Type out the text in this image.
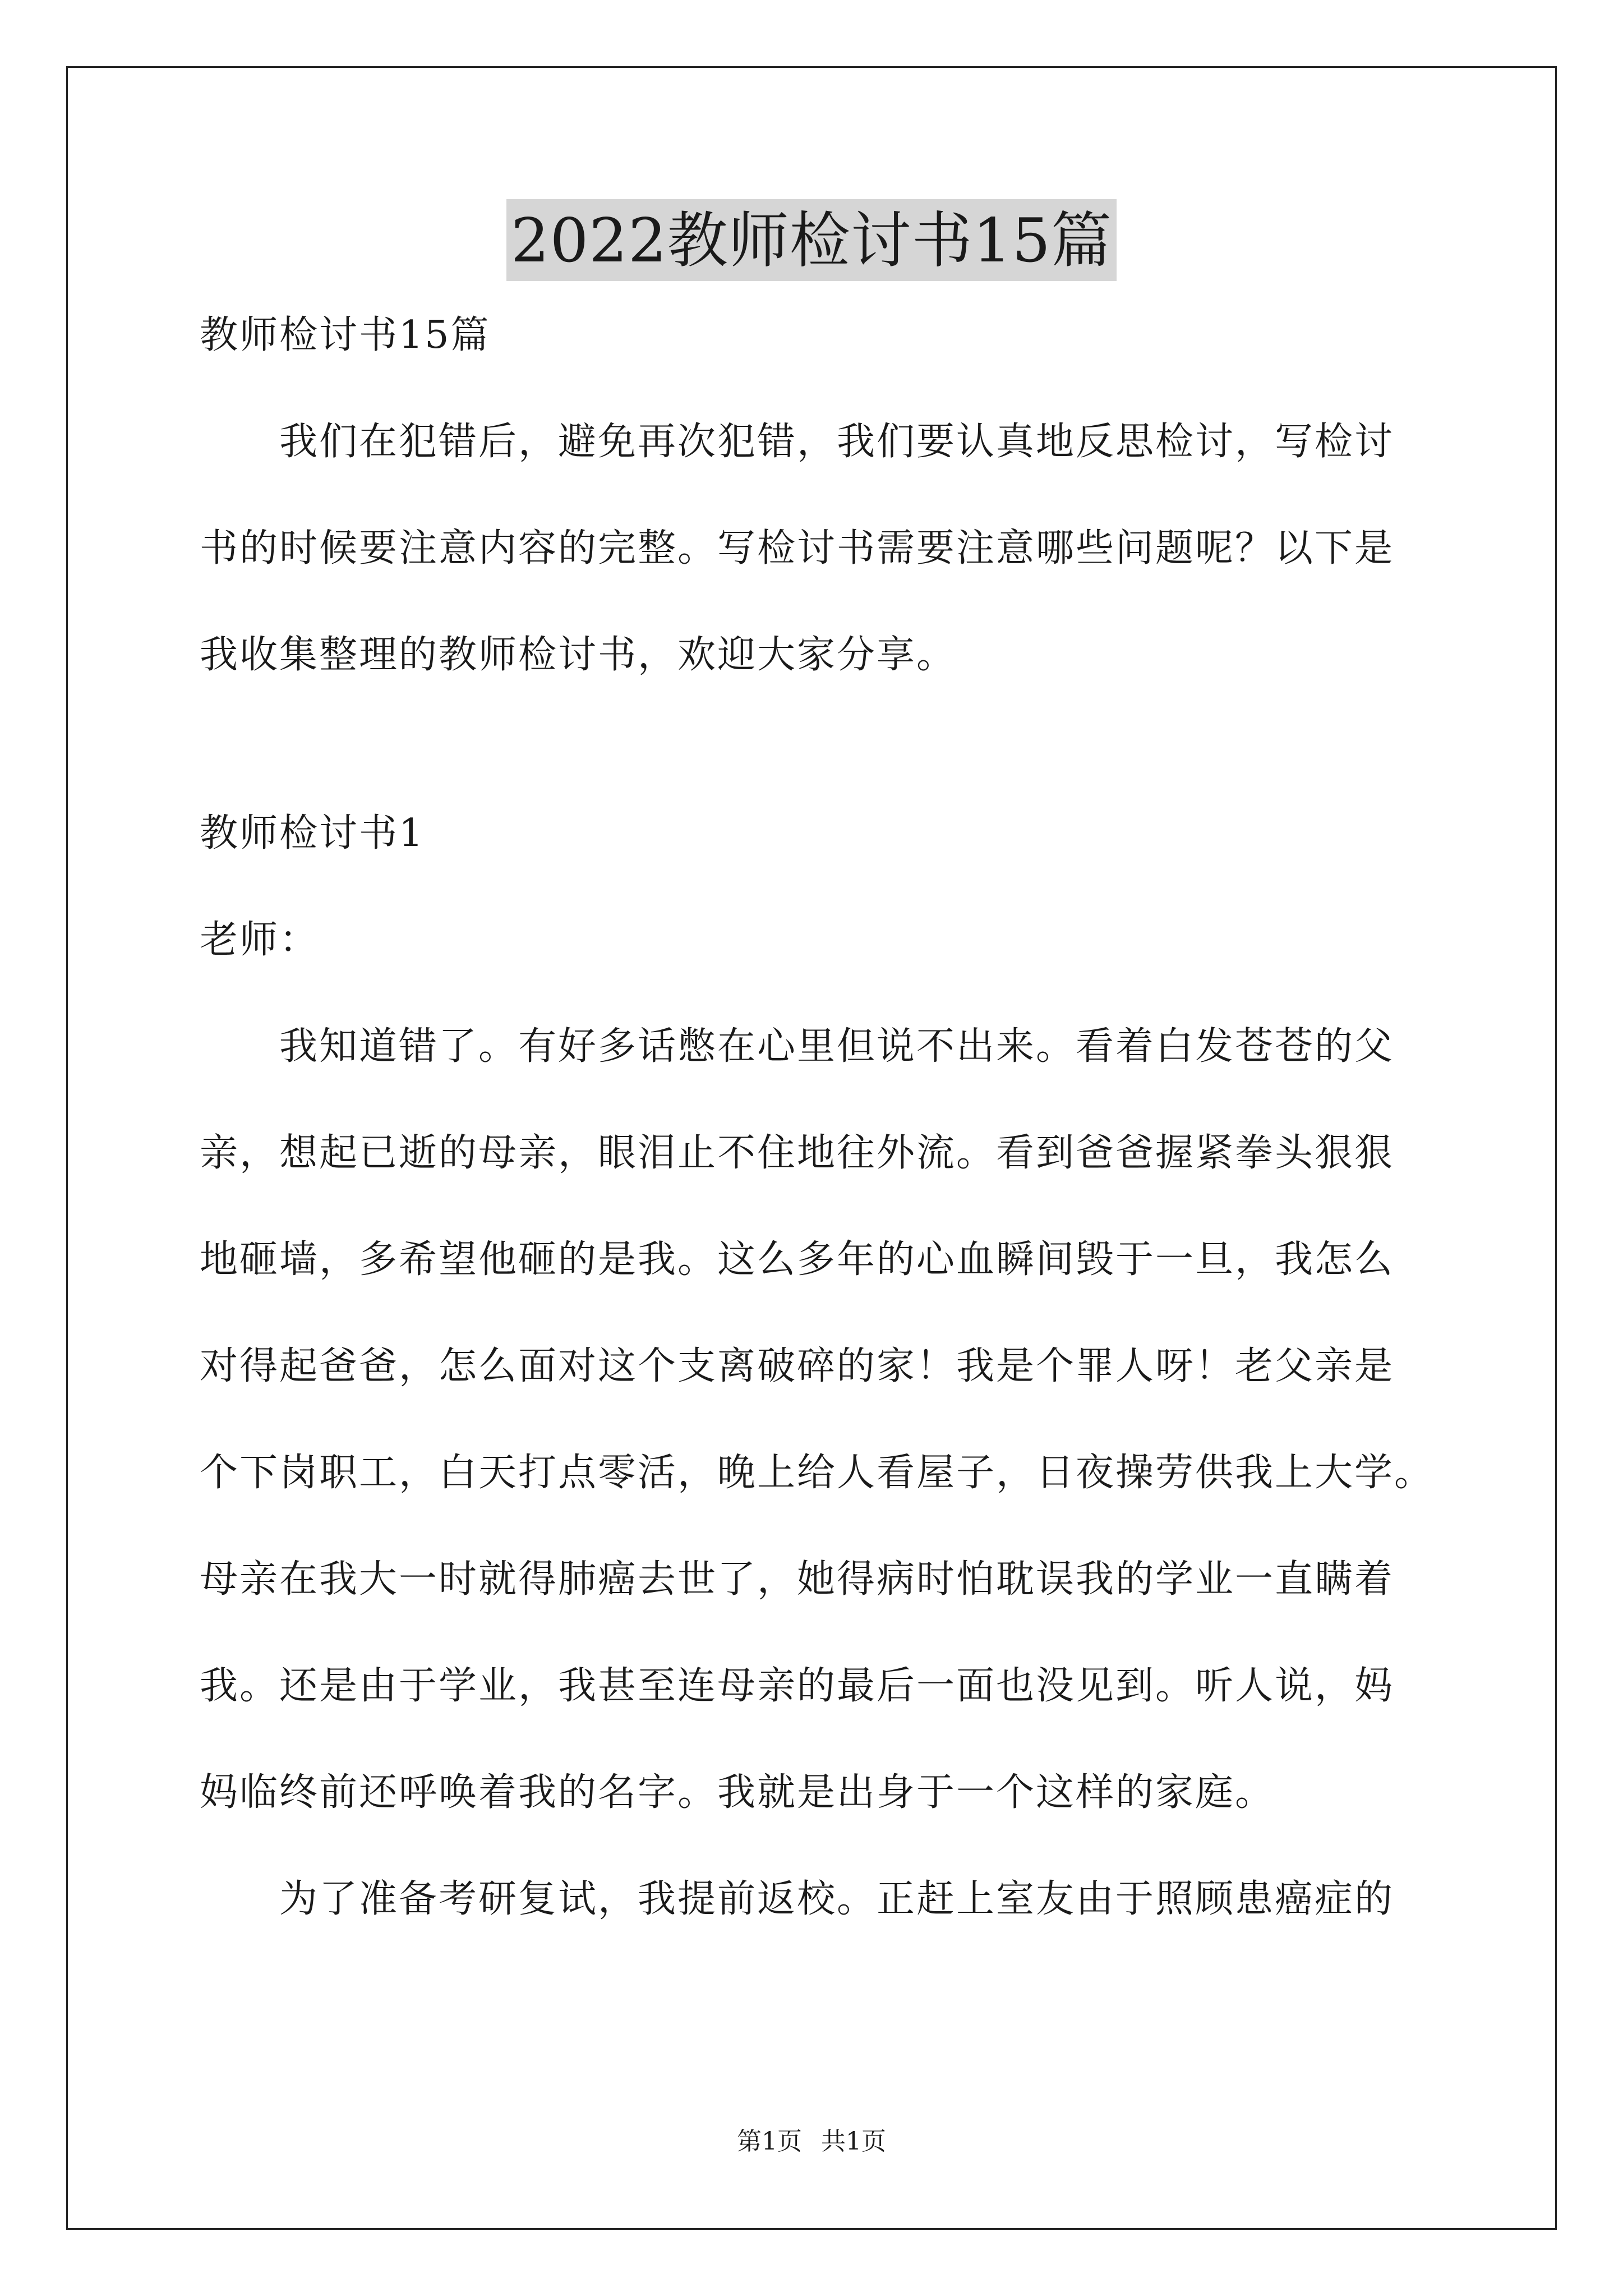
2022教师检讨书15篇
教师检讨书15篇
我们在犯错后，避免再次犯错，我们要认真地反思检讨，写检讨
书的时候要注意内容的完整。写检讨书需要注意哪些问题呢？以下是
我收集整理的教师检讨书，欢迎大家分享。
教师检讨书1
老师：
我知道错了。有好多话憋在心里但说不出来。看着白发苍苍的父
亲，想起已逝的母亲，眼泪止不住地往外流。看到爸爸握紧拳头狠狠
地砸墙，多希望他砸的是我。这么多年的心血瞬间毁于一旦，我怎么
对得起爸爸，怎么面对这个支离破碎的家！我是个罪人呀！老父亲是
个下岗职工，白天打点零活，晚上给人看屋子，日夜操劳供我上大学。
母亲在我大一时就得肺癌去世了，她得病时怕耽误我的学业一直瞒着
我。还是由于学业，我甚至连母亲的最后一面也没见到。听人说，妈
妈临终前还呼唤着我的名字。我就是出身于一个这样的家庭。
为了准备考研复试，我提前返校。正赶上室友由于照顾患癌症的
第1页 共1页
